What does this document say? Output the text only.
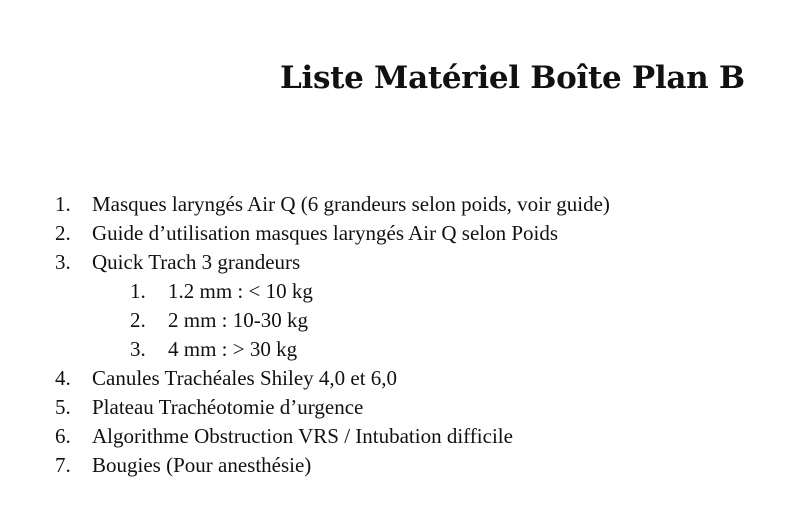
Liste Matériel Boîte Plan B
1. Masques laryngés Air Q (6 grandeurs selon poids, voir guide)
2. Guide d’utilisation masques laryngés Air Q selon Poids
3. Quick Trach 3 grandeurs
1. 1.2 mm : < 10 kg
2. 2 mm : 10-30 kg
3. 4 mm : > 30 kg
4. Canules Trachéales Shiley 4,0 et 6,0
5. Plateau Trachéotomie d’urgence
6. Algorithme Obstruction VRS / Intubation difficile
7. Bougies (Pour anesthésie)
